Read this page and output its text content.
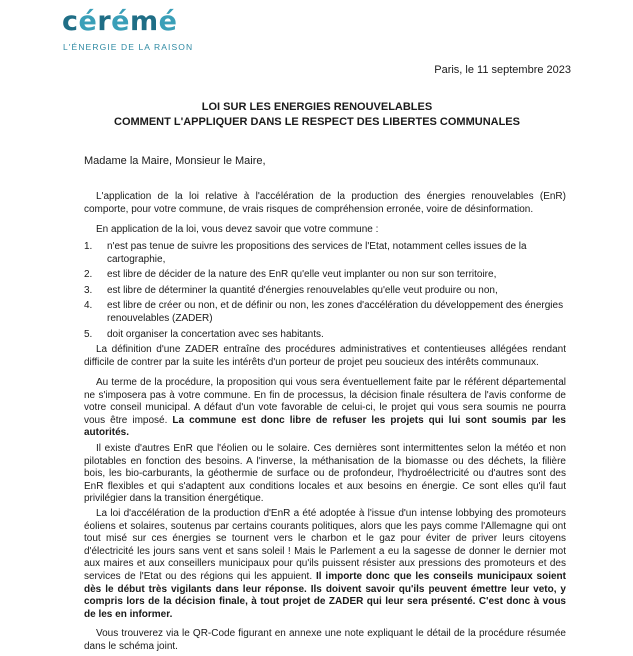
cérémé
L'ÉNERGIE DE LA RAISON
Paris, le 11 septembre 2023
LOI SUR LES ENERGIES RENOUVELABLES
COMMENT L'APPLIQUER DANS LE RESPECT DES LIBERTES COMMUNALES
Madame la Maire, Monsieur le Maire,

L'application de la loi relative à l'accélération de la production des énergies renouvelables (EnR) comporte, pour votre commune, de vrais risques de compréhension erronée, voire de désinformation.

En application de la loi, vous devez savoir que votre commune :

1. n'est pas tenue de suivre les propositions des services de l'Etat, notamment celles issues de la cartographie,
2. est libre de décider de la nature des EnR qu'elle veut implanter ou non sur son territoire,
3. est libre de déterminer la quantité d'énergies renouvelables qu'elle veut produire ou non,
4. est libre de créer ou non, et de définir ou non, les zones d'accélération du développement des énergies renouvelables (ZADER)
5. doit organiser la concertation avec ses habitants.

La définition d'une ZADER entraîne des procédures administratives et contentieuses allégées rendant difficile de contrer par la suite les intérêts d'un porteur de projet peu soucieux des intérêts communaux.

Au terme de la procédure, la proposition qui vous sera éventuellement faite par le référent départemental ne s'imposera pas à votre commune. En fin de processus, la décision finale résultera de l'avis conforme de votre conseil municipal. A défaut d'un vote favorable de celui-ci, le projet qui vous sera soumis ne pourra vous être imposé. La commune est donc libre de refuser les projets qui lui sont soumis par les autorités.

Il existe d'autres EnR que l'éolien ou le solaire. Ces dernières sont intermittentes selon la météo et non pilotables en fonction des besoins. A l'inverse, la méthanisation de la biomasse ou des déchets, la filière bois, les bio-carburants, la géothermie de surface ou de profondeur, l'hydroélectricité ou d'autres sont des EnR flexibles et qui s'adaptent aux conditions locales et aux besoins en énergie. Ce sont elles qu'il faut privilégier dans la transition énergétique.

La loi d'accélération de la production d'EnR a été adoptée à l'issue d'un intense lobbying des promoteurs éoliens et solaires, soutenus par certains courants politiques, alors que les pays comme l'Allemagne qui ont tout misé sur ces énergies se tournent vers le charbon et le gaz pour éviter de priver leurs citoyens d'électricité les jours sans vent et sans soleil ! Mais le Parlement a eu la sagesse de donner le dernier mot aux maires et aux conseillers municipaux pour qu'ils puissent résister aux pressions des promoteurs et des services de l'Etat ou des régions qui les appuient. Il importe donc que les conseils municipaux soient dès le début très vigilants dans leur réponse. Ils doivent savoir qu'ils peuvent émettre leur veto, y compris lors de la décision finale, à tout projet de ZADER qui leur sera présenté. C'est donc à vous de les en informer.

Vous trouverez via le QR-Code figurant en annexe une note expliquant le détail de la procédure résumée dans le schéma joint.
